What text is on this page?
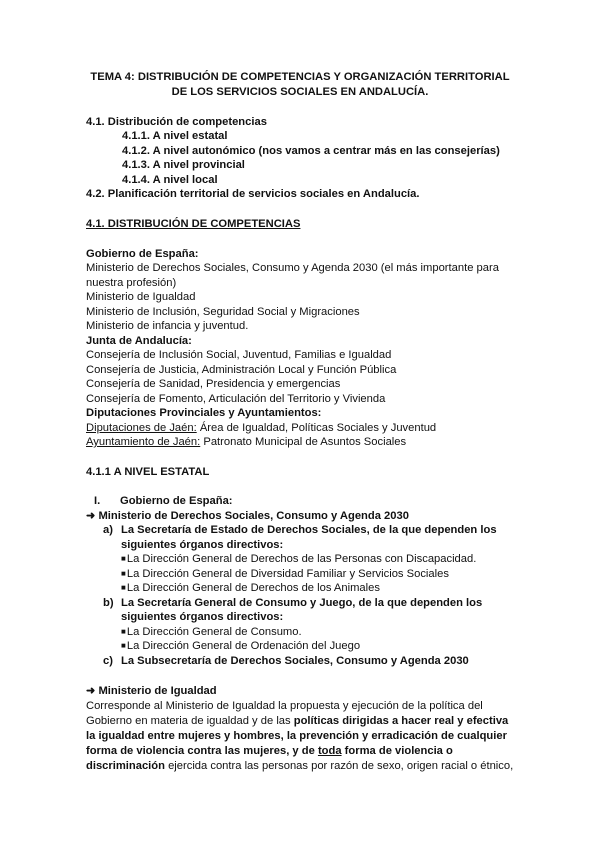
TEMA 4: DISTRIBUCIÓN DE COMPETENCIAS Y ORGANIZACIÓN TERRITORIAL
DE LOS SERVICIOS SOCIALES EN ANDALUCÍA.
4.1. Distribución de competencias
4.1.1. A nivel estatal
4.1.2. A nivel autonómico (nos vamos a centrar más en las consejerías)
4.1.3. A nivel provincial
4.1.4. A nivel local
4.2. Planificación territorial de servicios sociales en Andalucía.
4.1. DISTRIBUCIÓN DE COMPETENCIAS
Gobierno de España:
Ministerio de Derechos Sociales, Consumo y Agenda 2030 (el más importante para
nuestra profesión)
Ministerio de Igualdad
Ministerio de Inclusión, Seguridad Social y Migraciones
Ministerio de infancia y juventud.
Junta de Andalucía:
Consejería de Inclusión Social, Juventud, Familias e Igualdad
Consejería de Justicia, Administración Local y Función Pública
Consejería de Sanidad, Presidencia y emergencias
Consejería de Fomento, Articulación del Territorio y Vivienda
Diputaciones Provinciales y Ayuntamientos:
Diputaciones de Jaén: Área de Igualdad, Políticas Sociales y Juventud
Ayuntamiento de Jaén: Patronato Municipal de Asuntos Sociales
4.1.1 A NIVEL ESTATAL
I. Gobierno de España:
➜ Ministerio de Derechos Sociales, Consumo y Agenda 2030
a) La Secretaría de Estado de Derechos Sociales, de la que dependen los
siguientes órganos directivos:
■La Dirección General de Derechos de las Personas con Discapacidad.
■La Dirección General de Diversidad Familiar y Servicios Sociales
■La Dirección General de Derechos de los Animales
b) La Secretaría General de Consumo y Juego, de la que dependen los
siguientes órganos directivos:
■La Dirección General de Consumo.
■La Dirección General de Ordenación del Juego
c) La Subsecretaría de Derechos Sociales, Consumo y Agenda 2030
➜ Ministerio de Igualdad
Corresponde al Ministerio de Igualdad la propuesta y ejecución de la política del
Gobierno en materia de igualdad y de las políticas dirigidas a hacer real y efectiva
la igualdad entre mujeres y hombres, la prevención y erradicación de cualquier
forma de violencia contra las mujeres, y de toda forma de violencia o
discriminación ejercida contra las personas por razón de sexo, origen racial o étnico,
